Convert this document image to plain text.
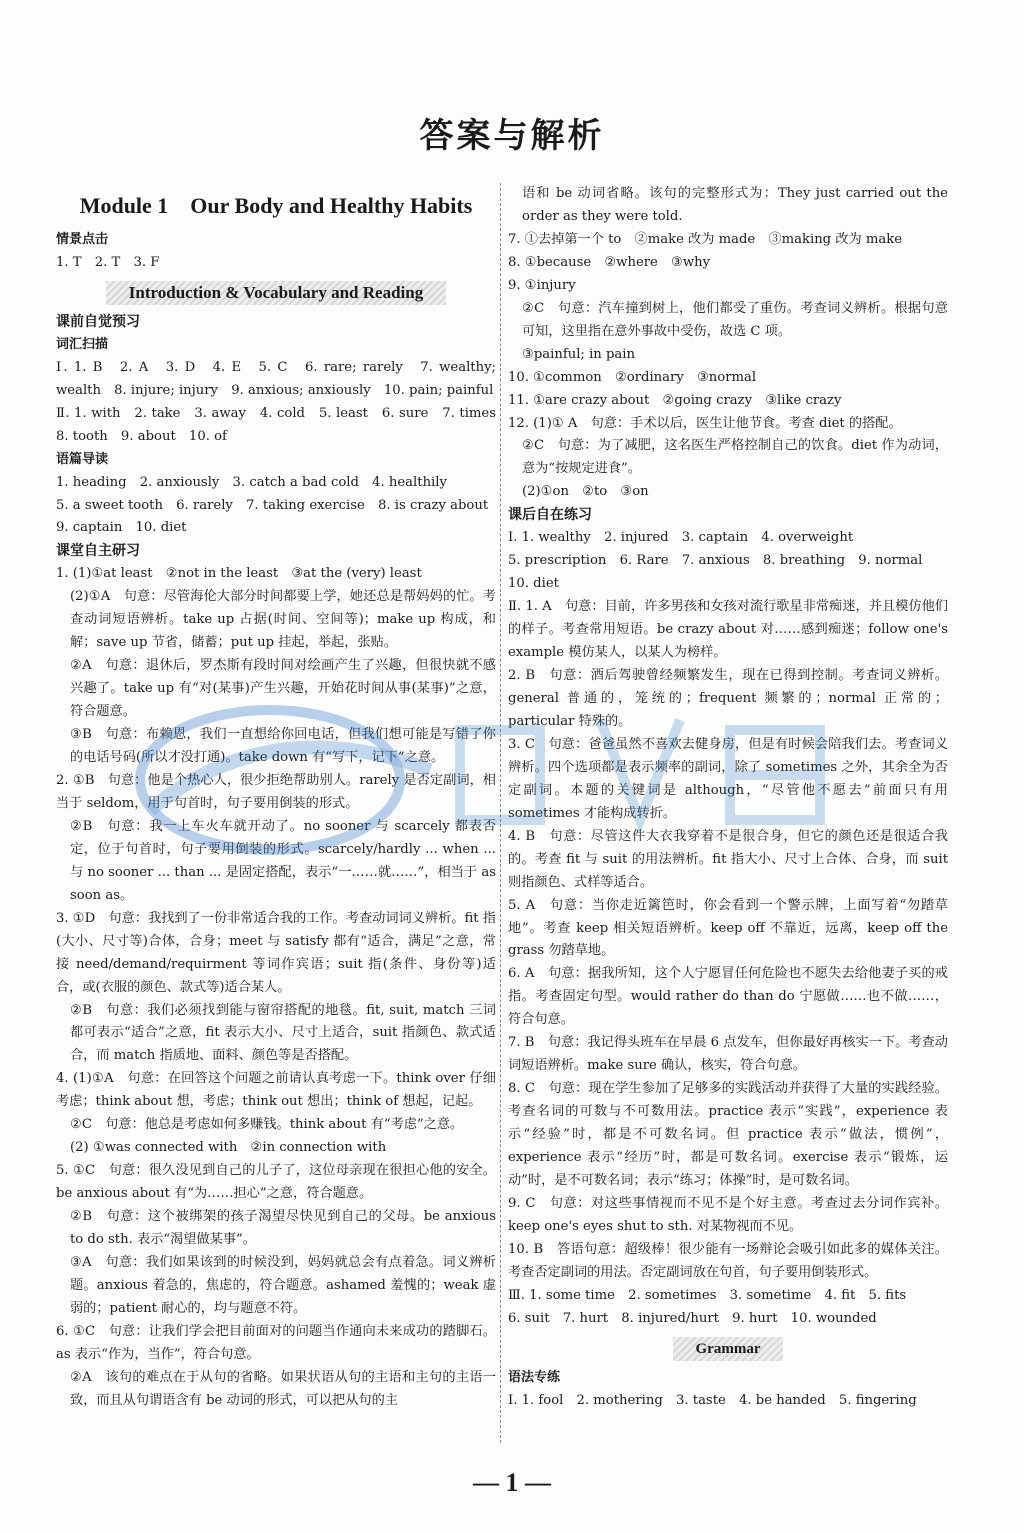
答案与解析
Module 1　Our Body and Healthy Habits
情景点击
1. T　2. T　3. F
Introduction & Vocabulary and Reading
课前自觉预习
词汇扫描
Ⅰ. 1. B　2. A　3. D　4. E　5. C　6. rare; rarely　7. wealthy; wealth　8. injure; injury　9. anxious; anxiously　10. pain; painful
Ⅱ. 1. with　2. take　3. away　4. cold　5. least　6. sure　7. times　8. tooth　9. about　10. of
语篇导读
1. heading　2. anxiously　3. catch a bad cold　4. healthily
5. a sweet tooth　6. rarely　7. taking exercise　8. is crazy about
9. captain　10. diet
课堂自主研习
1. (1)①at least　②not in the least　③at the (very) least
(2)①A　句意：尽管海伦大部分时间都要上学，她还总是帮妈妈的忙。考查动词短语辨析。take up 占据(时间、空间等)；make up 构成，和解；save up 节省，储蓄；put up 挂起，举起，张贴。
②A　句意：退休后，罗杰斯有段时间对绘画产生了兴趣，但很快就不感兴趣了。take up 有“对(某事)产生兴趣，开始花时间从事(某事)”之意，符合题意。
③B　句意：布赖恩，我们一直想给你回电话，但我们想可能是写错了你的电话号码(所以才没打通)。take down 有“写下，记下”之意。
2. ①B　句意：他是个热心人，很少拒绝帮助别人。rarely 是否定副词，相当于 seldom，用于句首时，句子要用倒装的形式。
②B　句意：我一上车火车就开动了。no sooner 与 scarcely 都表否定，位于句首时，句子要用倒装的形式。scarcely/hardly ... when ... 与 no sooner ... than ... 是固定搭配，表示“一……就……”，相当于 as soon as。
3. ①D　句意：我找到了一份非常适合我的工作。考查动词词义辨析。fit 指(大小、尺寸等)合体，合身；meet 与 satisfy 都有“适合，满足”之意，常接 need/demand/requirment 等词作宾语；suit 指(条件、身份等)适合，或(衣服的颜色、款式等)适合某人。
②B　句意：我们必须找到能与窗帘搭配的地毯。fit, suit, match 三词都可表示“适合”之意，fit 表示大小、尺寸上适合，suit 指颜色、款式适合，而 match 指质地、面料、颜色等是否搭配。
4. (1)①A　句意：在回答这个问题之前请认真考虑一下。think over 仔细考虑；think about 想，考虑；think out 想出；think of 想起，记起。
②C　句意：他总是考虑如何多赚钱。think about 有“考虑”之意。
(2) ①was connected with　②in connection with
5. ①C　句意：很久没见到自己的儿子了，这位母亲现在很担心他的安全。be anxious about 有“为……担心”之意，符合题意。
②B　句意：这个被绑架的孩子渴望尽快见到自己的父母。be anxious to do sth. 表示“渴望做某事”。
③A　句意：我们如果该到的时候没到，妈妈就总会有点着急。词义辨析题。anxious 着急的，焦虑的，符合题意。ashamed 羞愧的；weak 虚弱的；patient 耐心的，均与题意不符。
6. ①C　句意：让我们学会把目前面对的问题当作通向未来成功的踏脚石。as 表示“作为，当作”，符合句意。
②A　该句的难点在于从句的省略。如果状语从句的主语和主句的主语一致，而且从句谓语含有 be 动词的形式，可以把从句的主
语和 be 动词省略。该句的完整形式为：They just carried out the order as they were told.
7. ①去掉第一个 to　②make 改为 made　③making 改为 make
8. ①because　②where　③why
9. ①injury
②C　句意：汽车撞到树上，他们都受了重伤。考查词义辨析。根据句意可知，这里指在意外事故中受伤，故选 C 项。
③painful; in pain
10. ①common　②ordinary　③normal
11. ①are crazy about　②going crazy　③like crazy
12. (1)① A　句意：手术以后，医生让他节食。考查 diet 的搭配。
②C　句意：为了减肥，这名医生严格控制自己的饮食。diet 作为动词，意为“按规定进食”。
(2)①on　②to　③on
课后自在练习
Ⅰ. 1. wealthy　2. injured　3. captain　4. overweight
5. prescription　6. Rare　7. anxious　8. breathing　9. normal
10. diet
Ⅱ. 1. A　句意：目前，许多男孩和女孩对流行歌星非常痴迷，并且模仿他们的样子。考查常用短语。be crazy about 对……感到痴迷；follow one's example 模仿某人，以某人为榜样。
2. B　句意：酒后驾驶曾经频繁发生，现在已得到控制。考查词义辨析。general 普通的，笼统的；frequent 频繁的；normal 正常的；particular 特殊的。
3. C　句意：爸爸虽然不喜欢去健身房，但是有时候会陪我们去。考查词义辨析。四个选项都是表示频率的副词，除了 sometimes 之外，其余全为否定副词。本题的关键词是 although，“尽管他不愿去”前面只有用 sometimes 才能构成转折。
4. B　句意：尽管这件大衣我穿着不是很合身，但它的颜色还是很适合我的。考查 fit 与 suit 的用法辨析。fit 指大小、尺寸上合体、合身，而 suit 则指颜色、式样等适合。
5. A　句意：当你走近篱笆时，你会看到一个警示牌，上面写着“勿踏草地”。考查 keep 相关短语辨析。keep off 不靠近，远离，keep off the grass 勿踏草地。
6. A　句意：据我所知，这个人宁愿冒任何危险也不愿失去给他妻子买的戒指。考查固定句型。would rather do than do 宁愿做……也不做……，符合句意。
7. B　句意：我记得头班车在早晨 6 点发车，但你最好再核实一下。考查动词短语辨析。make sure 确认，核实，符合句意。
8. C　句意：现在学生参加了足够多的实践活动并获得了大量的实践经验。考查名词的可数与不可数用法。practice 表示“实践”，experience 表示“经验”时，都是不可数名词。但 practice 表示“做法，惯例”，experience 表示“经历”时，都是可数名词。exercise 表示“锻炼，运动”时，是不可数名词；表示“练习；体操”时，是可数名词。
9. C　句意：对这些事情视而不见不是个好主意。考查过去分词作宾补。keep one's eyes shut to sth. 对某物视而不见。
10. B　答语句意：超级棒！很少能有一场辩论会吸引如此多的媒体关注。考查否定副词的用法。否定副词放在句首，句子要用倒装形式。
Ⅲ. 1. some time　2. sometimes　3. sometime　4. fit　5. fits
6. suit　7. hurt　8. injured/hurt　9. hurt　10. wounded
Grammar
语法专练
Ⅰ. 1. fool　2. mothering　3. taste　4. be handed　5. fingering
— 1 —
